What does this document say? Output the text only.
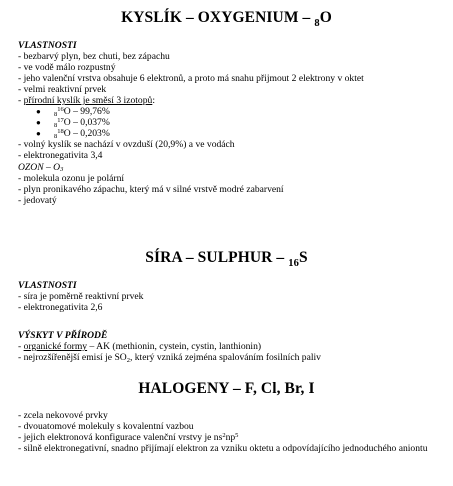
KYSLÍK – OXYGENIUM – $_8$O
VLASTNOSTI
- bezbarvý plyn, bez chuti, bez zápachu
- ve vodě málo rozpustný
- jeho valenční vrstva obsahuje 6 elektronů, a proto má snahu přijmout 2 elektrony v oktet
- velmi reaktivní prvek
- přírodní kyslík je směsí 3 izotopů:
● $_8^{16}$O – 99,76%
● $_8^{17}$O – 0,037%
● $_8^{18}$O – 0,203%
- volný kyslík se nachází v ovzduší (20,9%) a ve vodách
- elektronegativita 3,4
OZON – $O_3$
- molekula ozonu je polární
- plyn pronikavého zápachu, který má v silné vrstvě modré zabarvení
- jedovatý
SÍRA – SULPHUR – $_{16}$S
VLASTNOSTI
- síra je poměrně reaktivní prvek
- elektronegativita 2,6
VÝSKYT V PŘÍRODĚ
- organické formy – AK (methionin, cystein, cystin, lanthionin)
- nejrozšířenější emisí je $SO_2$, který vzniká zejména spalováním fosilních paliv
HALOGENY – F, Cl, Br, I
- zcela nekovové prvky
- dvouatomové molekuly s kovalentní vazbou
- jejich elektronová konfigurace valenční vrstvy je $ns^2np^5$
- silně elektronegativní, snadno přijímají elektron za vzniku oktetu a odpovídajícího jednoduchého aniontu
